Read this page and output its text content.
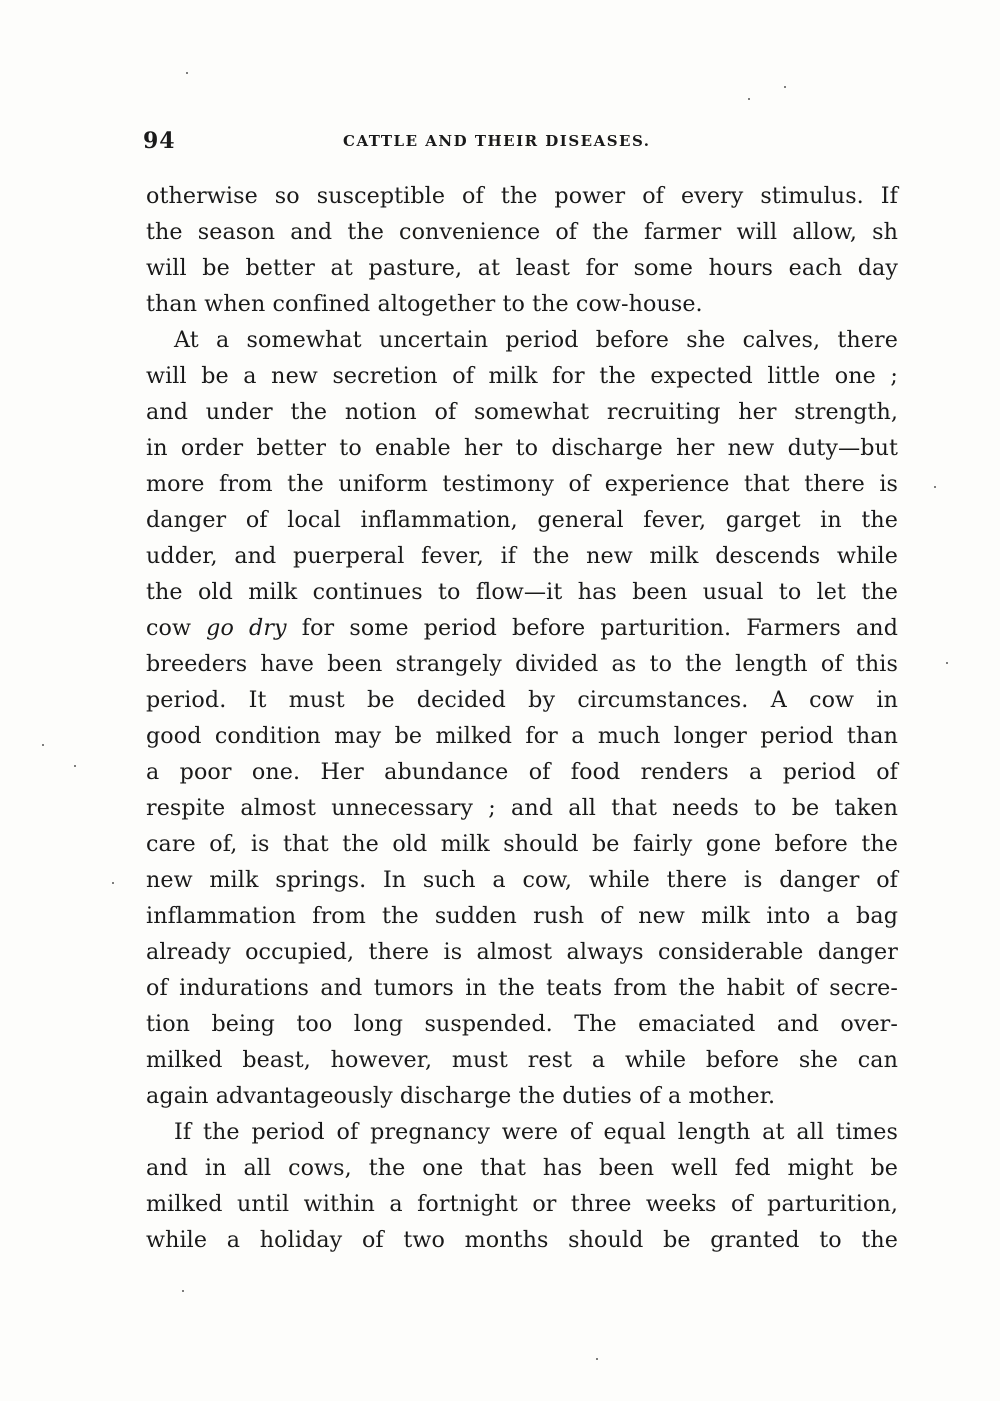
94	CATTLE AND THEIR DISEASES.
otherwise so susceptible of the power of every stimulus. If
the season and the convenience of the farmer will allow, sh
will be better at pasture, at least for some hours each day
than when confined altogether to the cow-house.
At a somewhat uncertain period before she calves, there
will be a new secretion of milk for the expected little one ;
and under the notion of somewhat recruiting her strength,
in order better to enable her to discharge her new duty—but
more from the uniform testimony of experience that there is
danger of local inflammation, general fever, garget in the
udder, and puerperal fever, if the new milk descends while
the old milk continues to flow—it has been usual to let the
cow go dry for some period before parturition. Farmers and
breeders have been strangely divided as to the length of this
period. It must be decided by circumstances. A cow in
good condition may be milked for a much longer period than
a poor one. Her abundance of food renders a period of
respite almost unnecessary ; and all that needs to be taken
care of, is that the old milk should be fairly gone before the
new milk springs. In such a cow, while there is danger of
inflammation from the sudden rush of new milk into a bag
already occupied, there is almost always considerable danger
of indurations and tumors in the teats from the habit of secre-
tion being too long suspended. The emaciated and over-
milked beast, however, must rest a while before she can
again advantageously discharge the duties of a mother.
If the period of pregnancy were of equal length at all times
and in all cows, the one that has been well fed might be
milked until within a fortnight or three weeks of parturition,
while a holiday of two months should be granted to the
